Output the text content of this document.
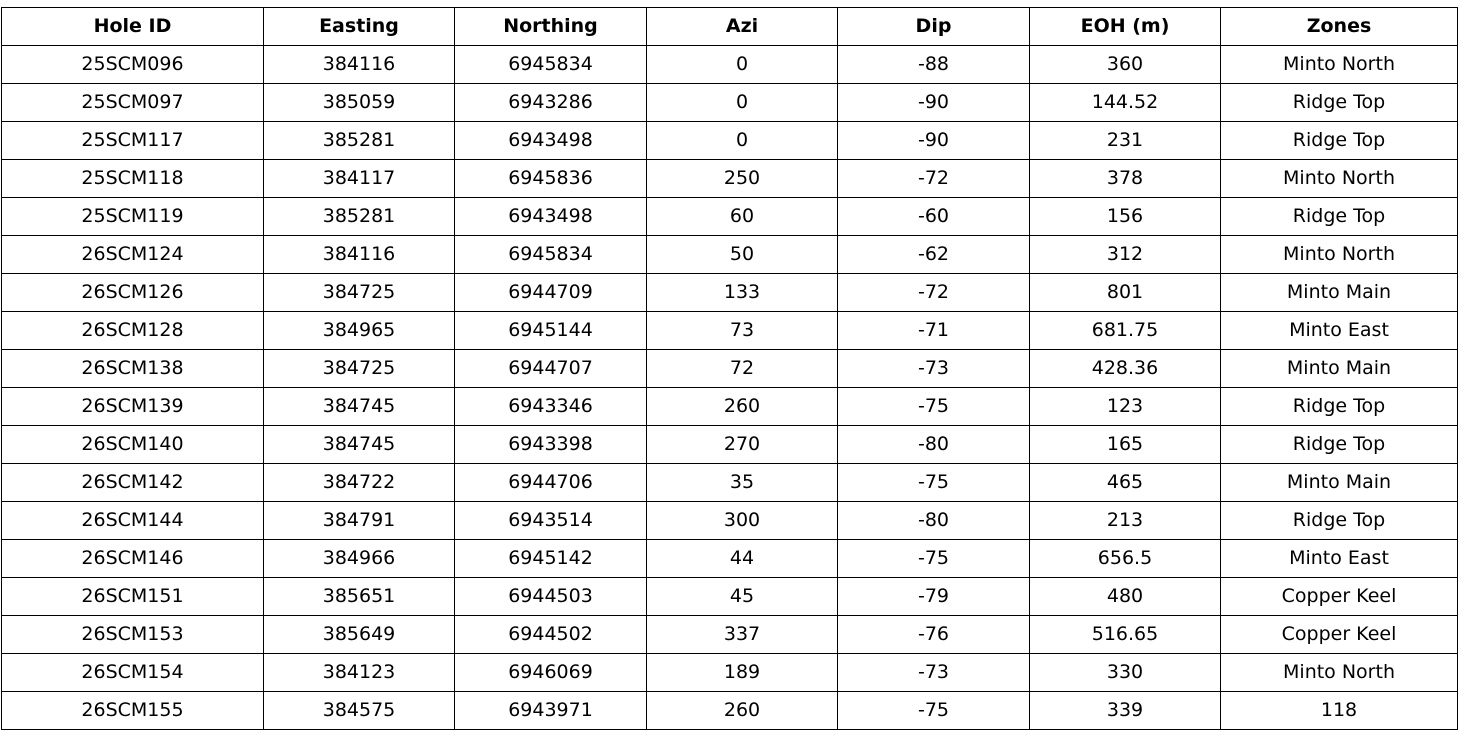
Hole ID	Easting	Northing	Azi	Dip	EOH (m)	Zones
25SCM096	384116	6945834	0	-88	360	Minto North
25SCM097	385059	6943286	0	-90	144.52	Ridge Top
25SCM117	385281	6943498	0	-90	231	Ridge Top
25SCM118	384117	6945836	250	-72	378	Minto North
25SCM119	385281	6943498	60	-60	156	Ridge Top
26SCM124	384116	6945834	50	-62	312	Minto North
26SCM126	384725	6944709	133	-72	801	Minto Main
26SCM128	384965	6945144	73	-71	681.75	Minto East
26SCM138	384725	6944707	72	-73	428.36	Minto Main
26SCM139	384745	6943346	260	-75	123	Ridge Top
26SCM140	384745	6943398	270	-80	165	Ridge Top
26SCM142	384722	6944706	35	-75	465	Minto Main
26SCM144	384791	6943514	300	-80	213	Ridge Top
26SCM146	384966	6945142	44	-75	656.5	Minto East
26SCM151	385651	6944503	45	-79	480	Copper Keel
26SCM153	385649	6944502	337	-76	516.65	Copper Keel
26SCM154	384123	6946069	189	-73	330	Minto North
26SCM155	384575	6943971	260	-75	339	118
